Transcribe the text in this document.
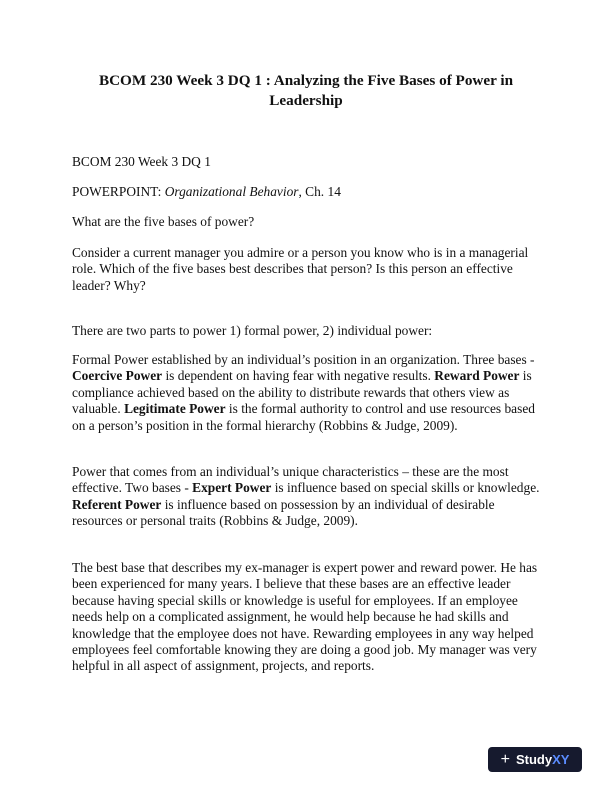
BCOM 230 Week 3 DQ 1 : Analyzing the Five Bases of Power in Leadership

BCOM 230 Week 3 DQ 1

POWERPOINT: Organizational Behavior, Ch. 14

What are the five bases of power?

Consider a current manager you admire or a person you know who is in a managerial role. Which of the five bases best describes that person? Is this person an effective leader? Why?

There are two parts to power 1) formal power, 2) individual power:

Formal Power established by an individual’s position in an organization. Three bases - Coercive Power is dependent on having fear with negative results. Reward Power is compliance achieved based on the ability to distribute rewards that others view as valuable. Legitimate Power is the formal authority to control and use resources based on a person’s position in the formal hierarchy (Robbins & Judge, 2009).

Power that comes from an individual’s unique characteristics – these are the most effective. Two bases - Expert Power is influence based on special skills or knowledge. Referent Power is influence based on possession by an individual of desirable resources or personal traits (Robbins & Judge, 2009).

The best base that describes my ex-manager is expert power and reward power. He has been experienced for many years. I believe that these bases are an effective leader because having special skills or knowledge is useful for employees. If an employee needs help on a complicated assignment, he would help because he had skills and knowledge that the employee does not have. Rewarding employees in any way helped employees feel comfortable knowing they are doing a good job. My manager was very helpful in all aspect of assignment, projects, and reports.

+ Study XY
